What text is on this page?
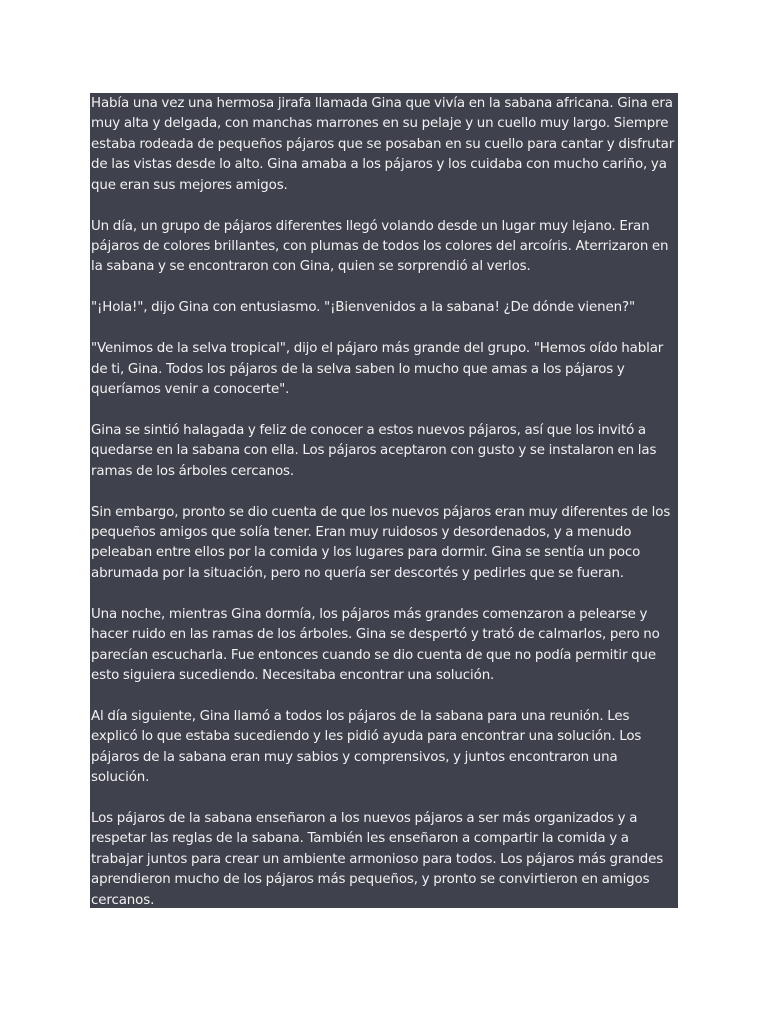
Había una vez una hermosa jirafa llamada Gina que vivía en la sabana africana. Gina era muy alta y delgada, con manchas marrones en su pelaje y un cuello muy largo. Siempre estaba rodeada de pequeños pájaros que se posaban en su cuello para cantar y disfrutar de las vistas desde lo alto. Gina amaba a los pájaros y los cuidaba con mucho cariño, ya que eran sus mejores amigos.

Un día, un grupo de pájaros diferentes llegó volando desde un lugar muy lejano. Eran pájaros de colores brillantes, con plumas de todos los colores del arcoíris. Aterrizaron en la sabana y se encontraron con Gina, quien se sorprendió al verlos.

"¡Hola!", dijo Gina con entusiasmo. "¡Bienvenidos a la sabana! ¿De dónde vienen?"

"Venimos de la selva tropical", dijo el pájaro más grande del grupo. "Hemos oído hablar de ti, Gina. Todos los pájaros de la selva saben lo mucho que amas a los pájaros y queríamos venir a conocerte".

Gina se sintió halagada y feliz de conocer a estos nuevos pájaros, así que los invitó a quedarse en la sabana con ella. Los pájaros aceptaron con gusto y se instalaron en las ramas de los árboles cercanos.

Sin embargo, pronto se dio cuenta de que los nuevos pájaros eran muy diferentes de los pequeños amigos que solía tener. Eran muy ruidosos y desordenados, y a menudo peleaban entre ellos por la comida y los lugares para dormir. Gina se sentía un poco abrumada por la situación, pero no quería ser descortés y pedirles que se fueran.

Una noche, mientras Gina dormía, los pájaros más grandes comenzaron a pelearse y hacer ruido en las ramas de los árboles. Gina se despertó y trató de calmarlos, pero no parecían escucharla. Fue entonces cuando se dio cuenta de que no podía permitir que esto siguiera sucediendo. Necesitaba encontrar una solución.

Al día siguiente, Gina llamó a todos los pájaros de la sabana para una reunión. Les explicó lo que estaba sucediendo y les pidió ayuda para encontrar una solución. Los pájaros de la sabana eran muy sabios y comprensivos, y juntos encontraron una solución.

Los pájaros de la sabana enseñaron a los nuevos pájaros a ser más organizados y a respetar las reglas de la sabana. También les enseñaron a compartir la comida y a trabajar juntos para crear un ambiente armonioso para todos. Los pájaros más grandes aprendieron mucho de los pájaros más pequeños, y pronto se convirtieron en amigos cercanos.
